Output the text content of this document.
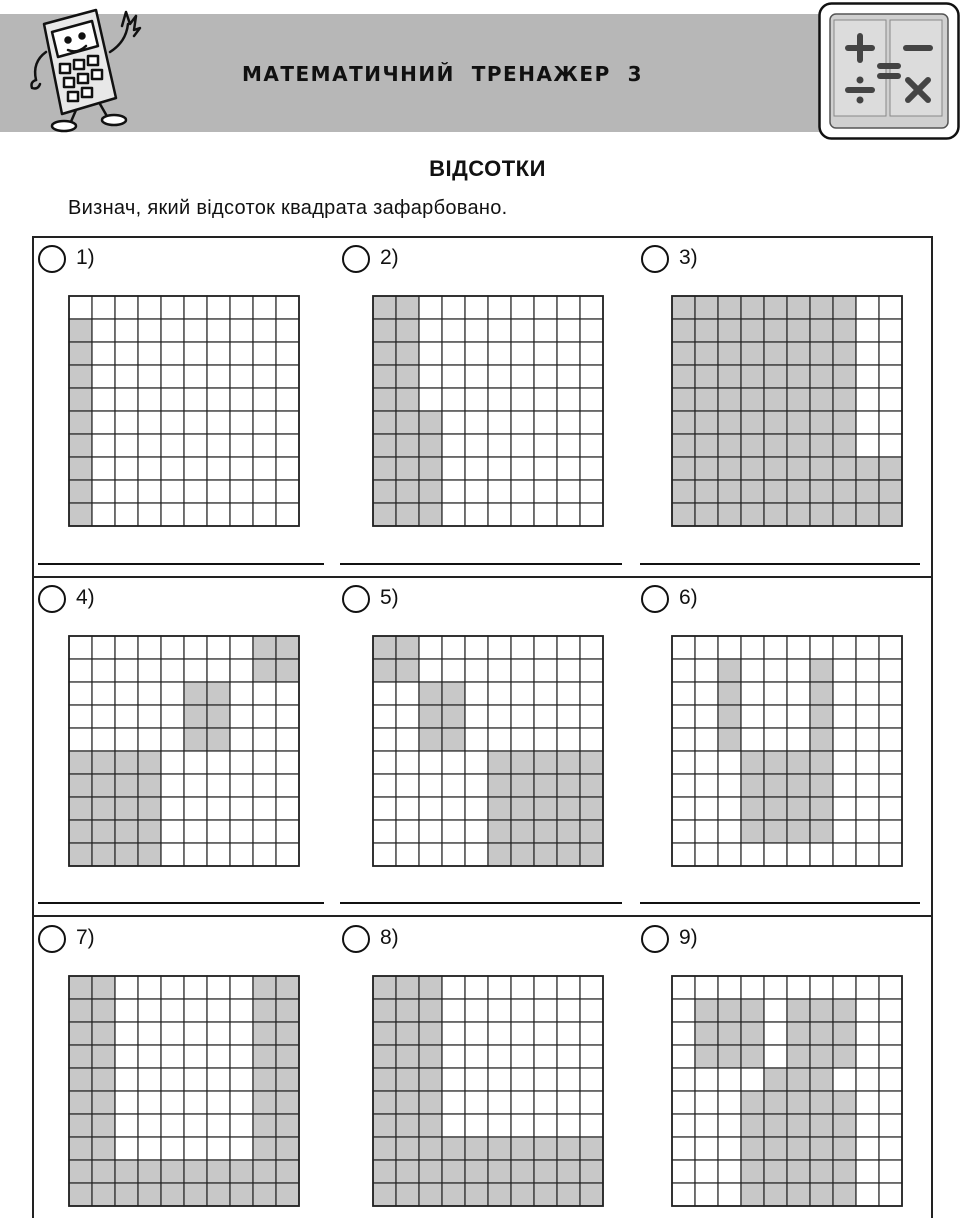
МАТЕМАТИЧНИЙ  ТРЕНАЖЕР  3
ВІДСОТКИ
Визнач, який відсоток квадрата зафарбовано.
1)	2)	3)
4)	5)	6)
7)	8)	9)
